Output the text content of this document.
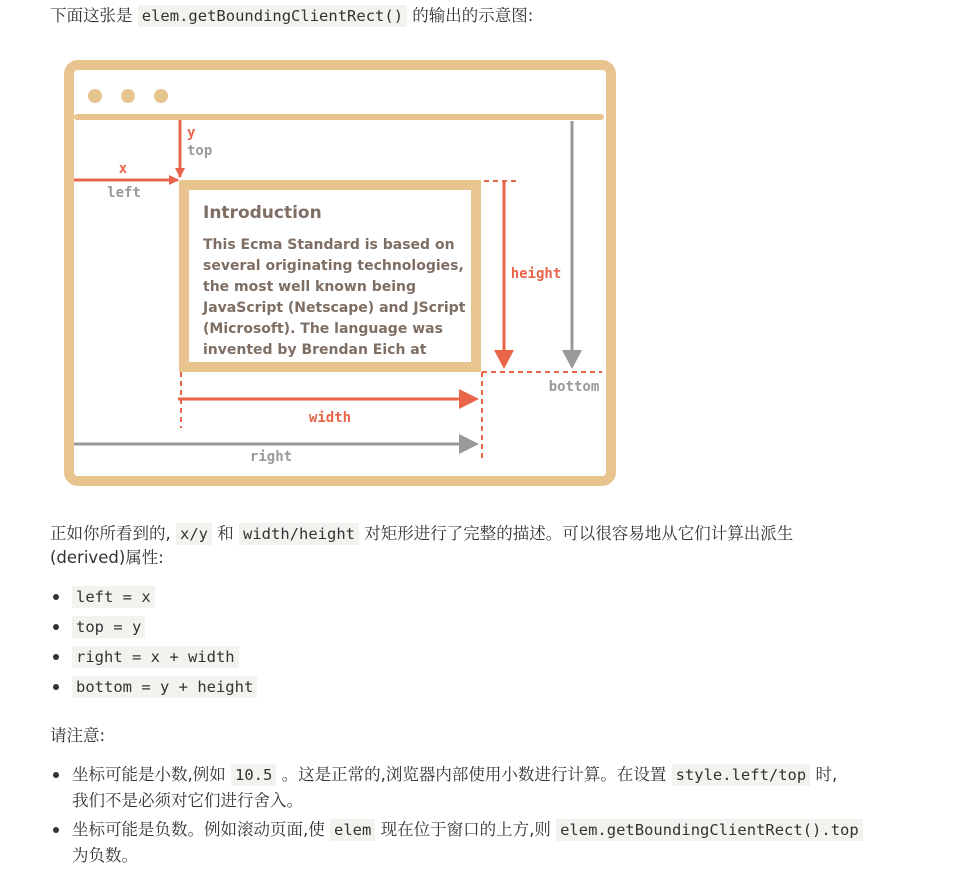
下面这张是 elem.getBoundingClientRect() 的输出的示意图:

Introduction
This Ecma Standard is based on several originating technologies, the most well known being JavaScript (Netscape) and JScript (Microsoft). The language was invented by Brendan Eich at
x
left
y
top
height
bottom
width
right

正如你所看到的, x/y 和 width/height 对矩形进行了完整的描述。可以很容易地从它们计算出派生
(derived)属性:

left = x
top = y
right = x + width
bottom = y + height

请注意:

坐标可能是小数,例如 10.5 。这是正常的,浏览器内部使用小数进行计算。在设置 style.left/top 时,
我们不是必须对它们进行舍入。
坐标可能是负数。例如滚动页面,使 elem 现在位于窗口的上方,则 elem.getBoundingClientRect().top
为负数。
